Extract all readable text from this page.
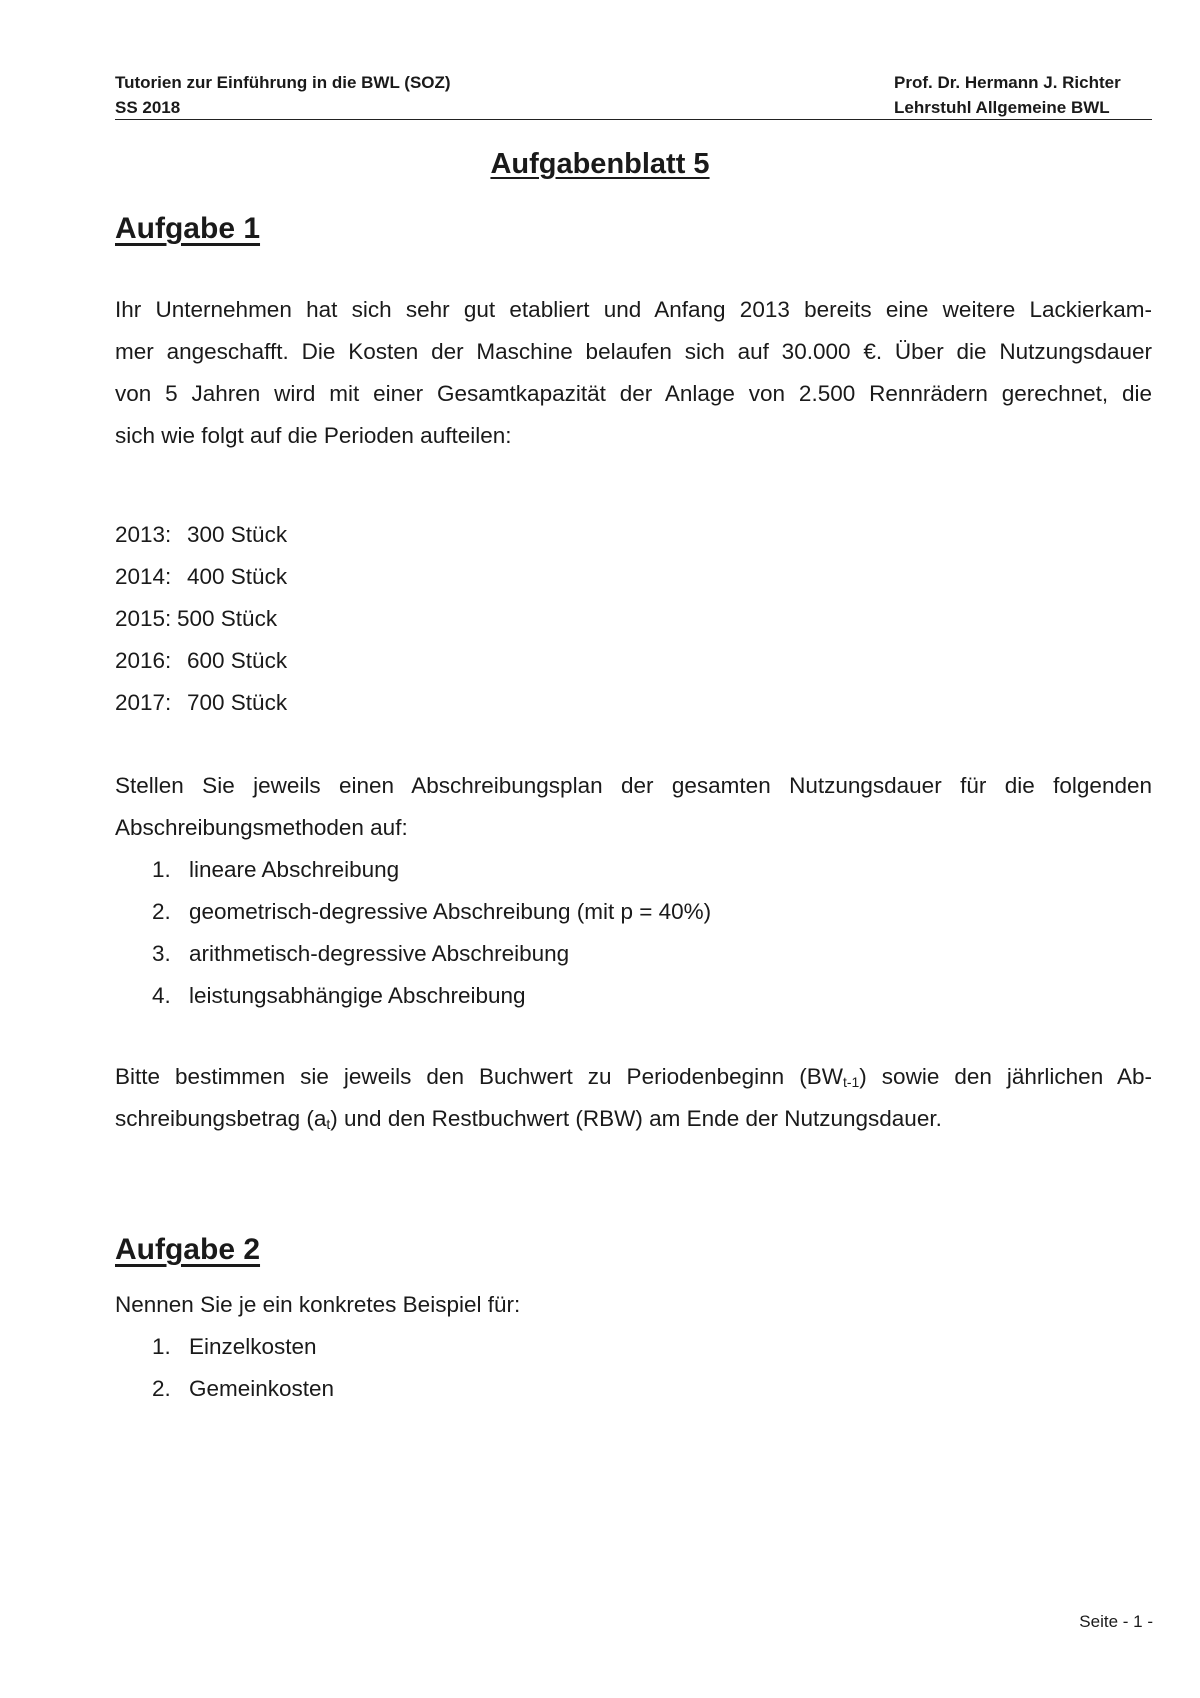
Tutorien zur Einführung in die BWL (SOZ)	Prof. Dr. Hermann J. Richter
SS 2018	Lehrstuhl Allgemeine BWL
Aufgabenblatt 5
Aufgabe 1
Ihr Unternehmen hat sich sehr gut etabliert und Anfang 2013 bereits eine weitere Lackierkam-
mer angeschafft. Die Kosten der Maschine belaufen sich auf 30.000 €. Über die Nutzungsdauer
von 5 Jahren wird mit einer Gesamtkapazität der Anlage von 2.500 Rennrädern gerechnet, die
sich wie folgt auf die Perioden aufteilen:
2013: 300 Stück
2014: 400 Stück
2015: 500 Stück
2016: 600 Stück
2017: 700 Stück
Stellen Sie jeweils einen Abschreibungsplan der gesamten Nutzungsdauer für die folgenden
Abschreibungsmethoden auf:
1. lineare Abschreibung
2. geometrisch-degressive Abschreibung (mit p = 40%)
3. arithmetisch-degressive Abschreibung
4. leistungsabhängige Abschreibung
Bitte bestimmen sie jeweils den Buchwert zu Periodenbeginn $(BW_{t-1})$ sowie den jährlichen Ab-
schreibungsbetrag $(a_t)$ und den Restbuchwert (RBW) am Ende der Nutzungsdauer.
Aufgabe 2
Nennen Sie je ein konkretes Beispiel für:
1. Einzelkosten
2. Gemeinkosten
Seite - 1 -
